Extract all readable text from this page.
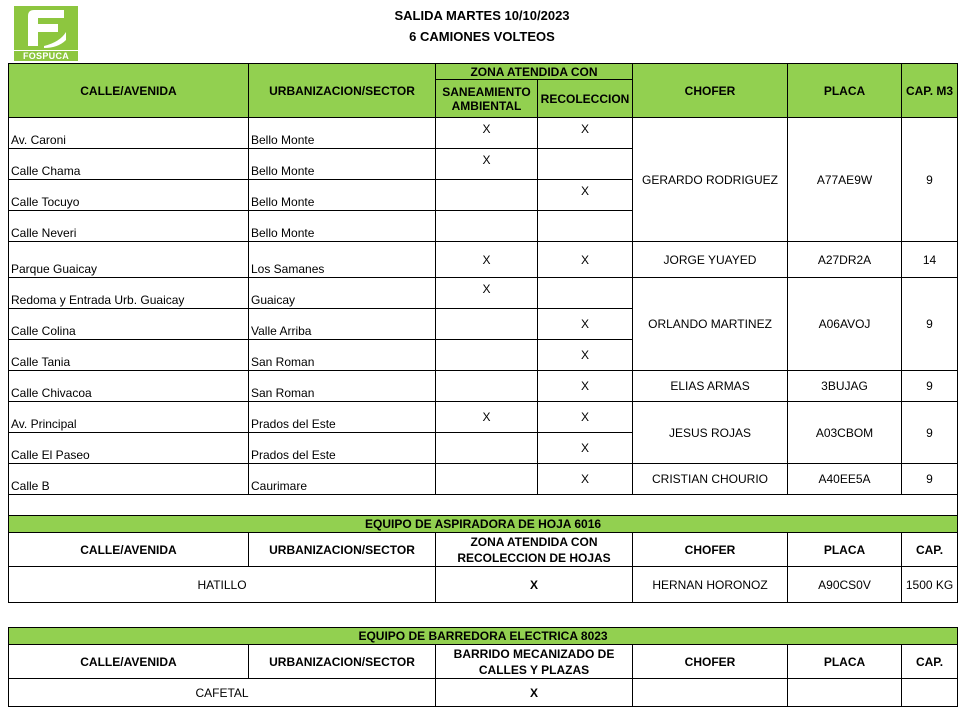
FOSPUCA
SALIDA MARTES 10/10/2023
6 CAMIONES VOLTEOS
CALLE/AVENIDA	URBANIZACION/SECTOR	ZONA ATENDIDA CON		CHOFER	PLACA	CAP. M3
		SANEAMIENTO AMBIENTAL	RECOLECCION			
Av. Caroni	Bello Monte	X	X	GERARDO RODRIGUEZ	A77AE9W	9
Calle Chama	Bello Monte	X				
Calle Tocuyo	Bello Monte		X			
Calle Neveri	Bello Monte					
Parque Guaicay	Los Samanes	X	X	JORGE YUAYED	A27DR2A	14
Redoma y Entrada Urb. Guaicay	Guaicay	X		ORLANDO MARTINEZ	A06AVOJ	9
Calle Colina	Valle Arriba		X			
Calle Tania	San Roman		X			
Calle Chivacoa	San Roman		X	ELIAS ARMAS	3BUJAG	9
Av. Principal	Prados del Este	X	X	JESUS ROJAS	A03CBOM	9
Calle El Paseo	Prados del Este		X			
Calle B	Caurimare		X	CRISTIAN CHOURIO	A40EE5A	9

EQUIPO DE ASPIRADORA DE HOJA 6016					
CALLE/AVENIDA	URBANIZACION/SECTOR	ZONA ATENDIDA CON RECOLECCION DE HOJAS	CHOFER	PLACA	CAP.
HATILLO		X	HERNAN HORONOZ	A90CS0V	1500 KG
EQUIPO DE BARREDORA ELECTRICA 8023					
CALLE/AVENIDA	URBANIZACION/SECTOR	BARRIDO MECANIZADO DE CALLES Y PLAZAS	CHOFER	PLACA	CAP.
CAFETAL		X			
